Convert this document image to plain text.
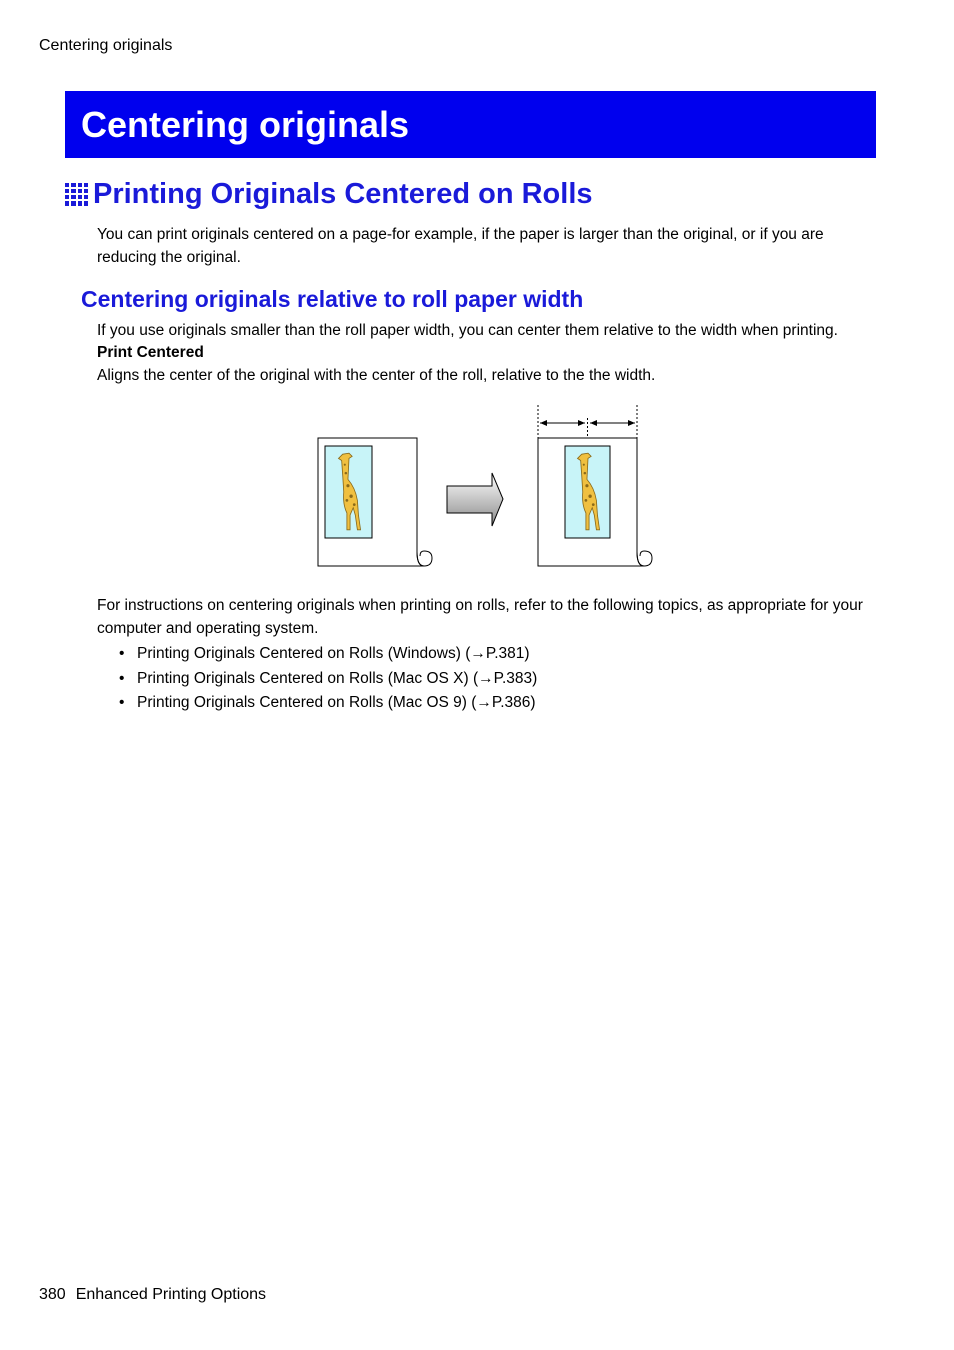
Centering originals
Centering originals
Printing Originals Centered on Rolls
You can print originals centered on a page-for example, if the paper is larger than the original, or if you are reducing the original.
Centering originals relative to roll paper width
If you use originals smaller than the roll paper width, you can center them relative to the width when printing.
Print Centered
Aligns the center of the original with the center of the roll, relative to the the width.
For instructions on centering originals when printing on rolls, refer to the following topics, as appropriate for your computer and operating system.
• Printing Originals Centered on Rolls (Windows) (→P.381)
• Printing Originals Centered on Rolls (Mac OS X) (→P.383)
• Printing Originals Centered on Rolls (Mac OS 9) (→P.386)
380 Enhanced Printing Options
